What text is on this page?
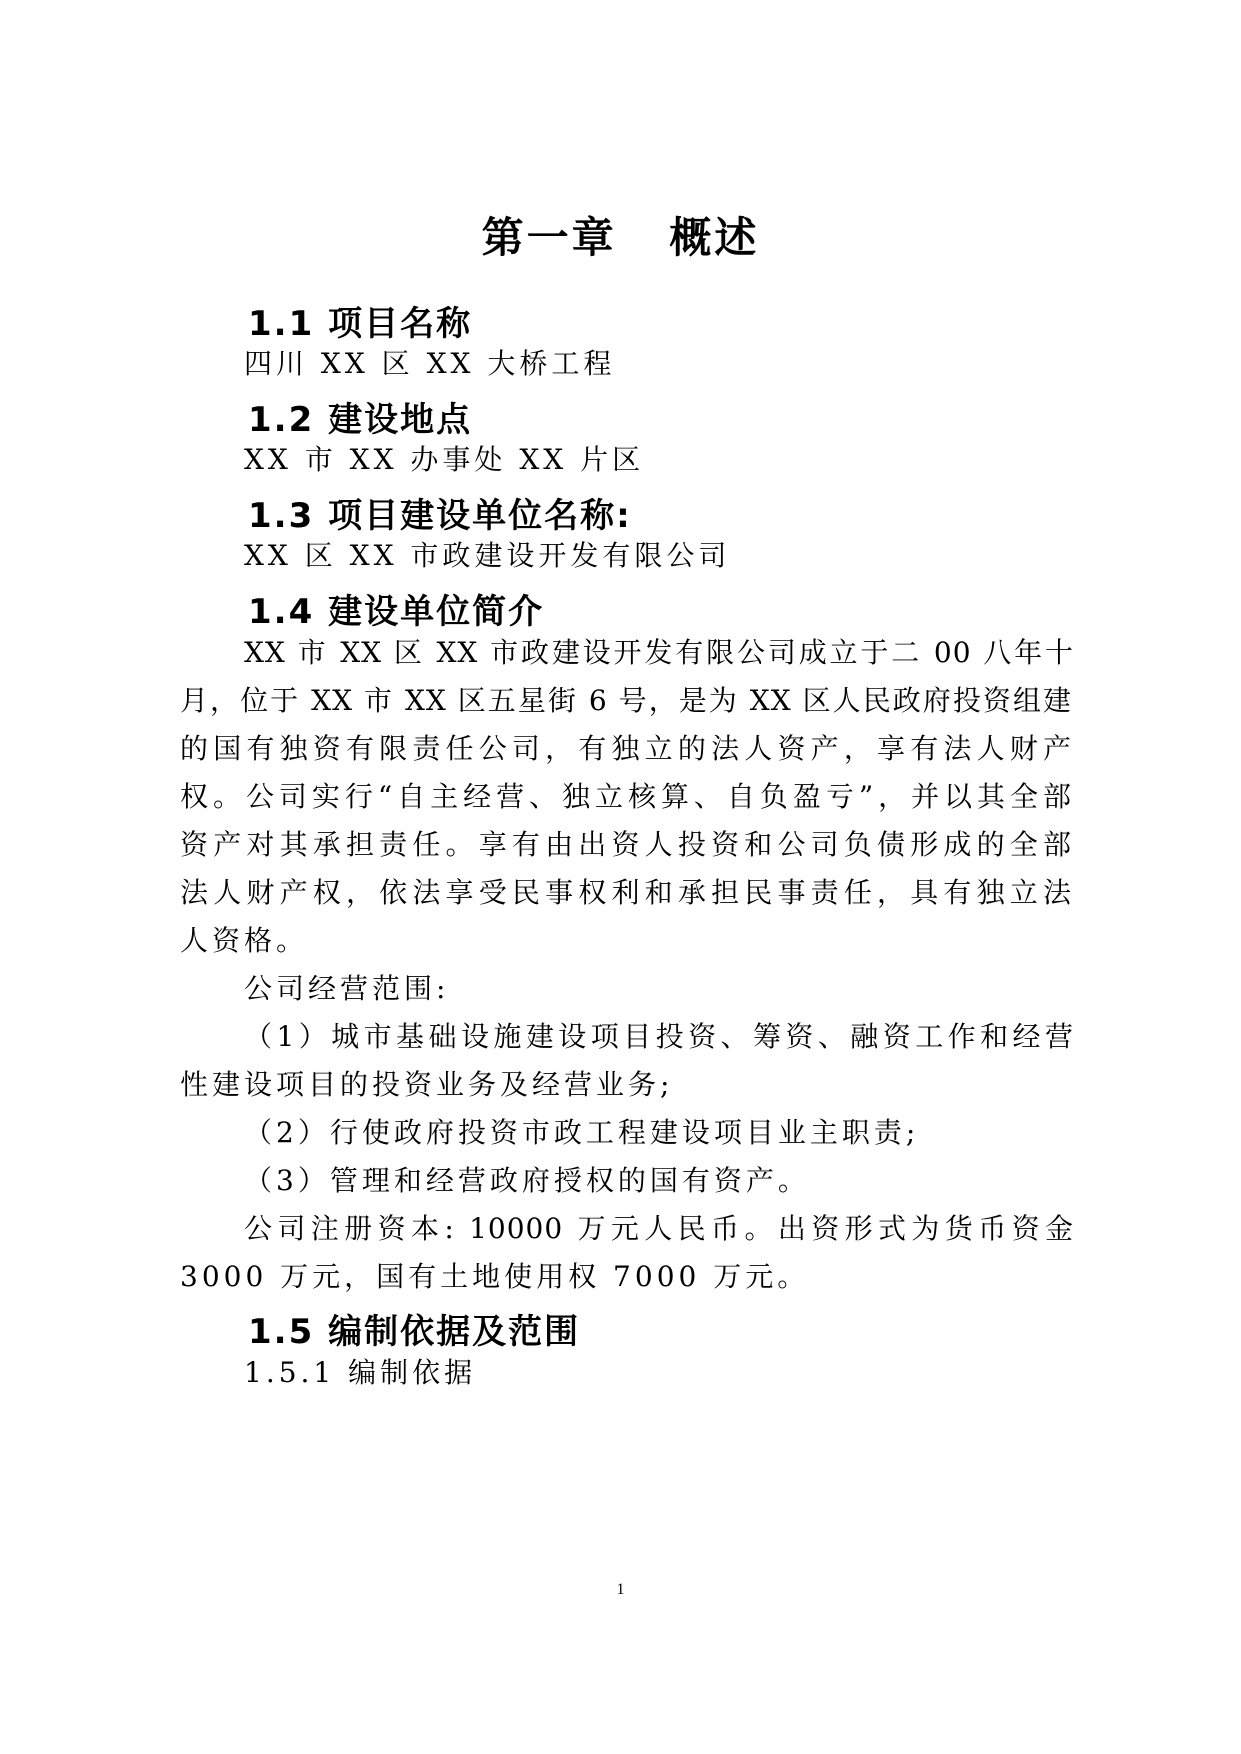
第一章   概述
1.1 项目名称
四川 XX 区 XX 大桥工程
1.2 建设地点
XX 市 XX 办事处 XX 片区
1.3 项目建设单位名称:
XX 区 XX 市政建设开发有限公司
1.4 建设单位简介
XX 市 XX 区 XX 市政建设开发有限公司成立于二 00 八年十
月，位于 XX 市 XX 区五星街 6 号，是为 XX 区人民政府投资组建
的国有独资有限责任公司，有独立的法人资产，享有法人财产
权。公司实行“自主经营、独立核算、自负盈亏”，并以其全部
资产对其承担责任。享有由出资人投资和公司负债形成的全部
法人财产权，依法享受民事权利和承担民事责任，具有独立法
人资格。
公司经营范围:
（1）城市基础设施建设项目投资、筹资、融资工作和经营
性建设项目的投资业务及经营业务;
（2）行使政府投资市政工程建设项目业主职责;
（3）管理和经营政府授权的国有资产。
公司注册资本: 10000 万元人民币。出资形式为货币资金
3000 万元，国有土地使用权 7000 万元。
1.5 编制依据及范围
1.5.1 编制依据
1
